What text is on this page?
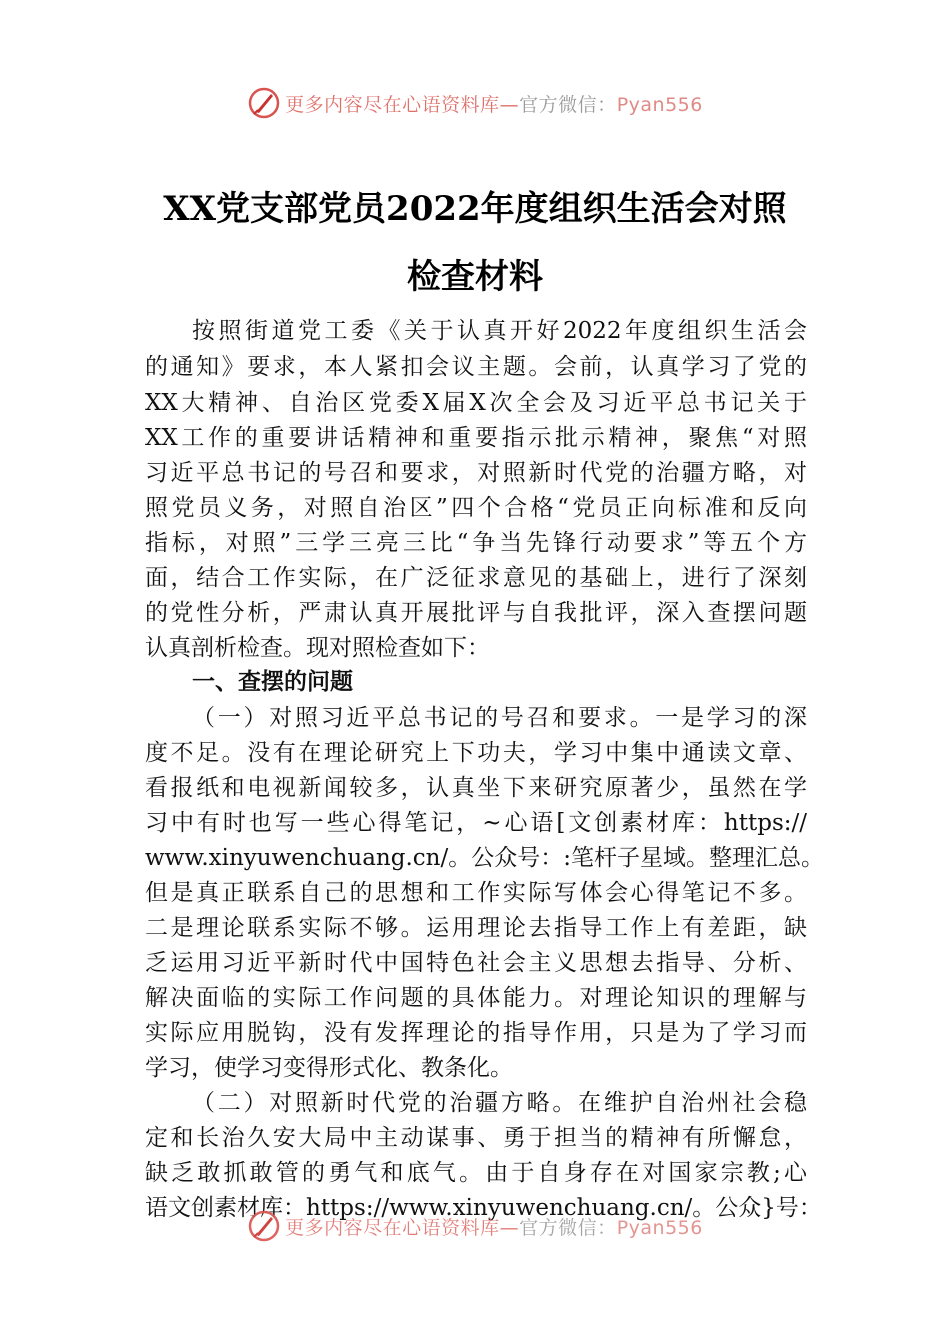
更多内容尽在心语资料库—官方微信：Pyan556
XX党支部党员2022年度组织生活会对照
检查材料
按照街道党工委《关于认真开好2022年度组织生活会
的通知》要求，本人紧扣会议主题。会前，认真学习了党的
XX大精神、自治区党委X届X次全会及习近平总书记关于
XX工作的重要讲话精神和重要指示批示精神，聚焦“对照
习近平总书记的号召和要求，对照新时代党的治疆方略，对
照党员义务，对照自治区”四个合格“党员正向标准和反向
指标，对照”三学三亮三比“争当先锋行动要求”等五个方
面，结合工作实际，在广泛征求意见的基础上，进行了深刻
的党性分析，严肃认真开展批评与自我批评，深入查摆问题
认真剖析检查。现对照检查如下：
一、查摆的问题
（一）对照习近平总书记的号召和要求。一是学习的深
度不足。没有在理论研究上下功夫，学习中集中通读文章、
看报纸和电视新闻较多，认真坐下来研究原著少，虽然在学
习中有时也写一些心得笔记，~心语[文创素材库：https://
www.xinyuwenchuang.cn/。公众号：:笔杆子星域。整理汇总。
但是真正联系自己的思想和工作实际写体会心得笔记不多。
二是理论联系实际不够。运用理论去指导工作上有差距，缺
乏运用习近平新时代中国特色社会主义思想去指导、分析、
解决面临的实际工作问题的具体能力。对理论知识的理解与
实际应用脱钩，没有发挥理论的指导作用，只是为了学习而
学习，使学习变得形式化、教条化。
（二）对照新时代党的治疆方略。在维护自治州社会稳
定和长治久安大局中主动谋事、勇于担当的精神有所懈怠，
缺乏敢抓敢管的勇气和底气。由于自身存在对国家宗教;心
语文创素材库：https://www.xinyuwenchuang.cn/。公众}号：
更多内容尽在心语资料库—官方微信：Pyan556
